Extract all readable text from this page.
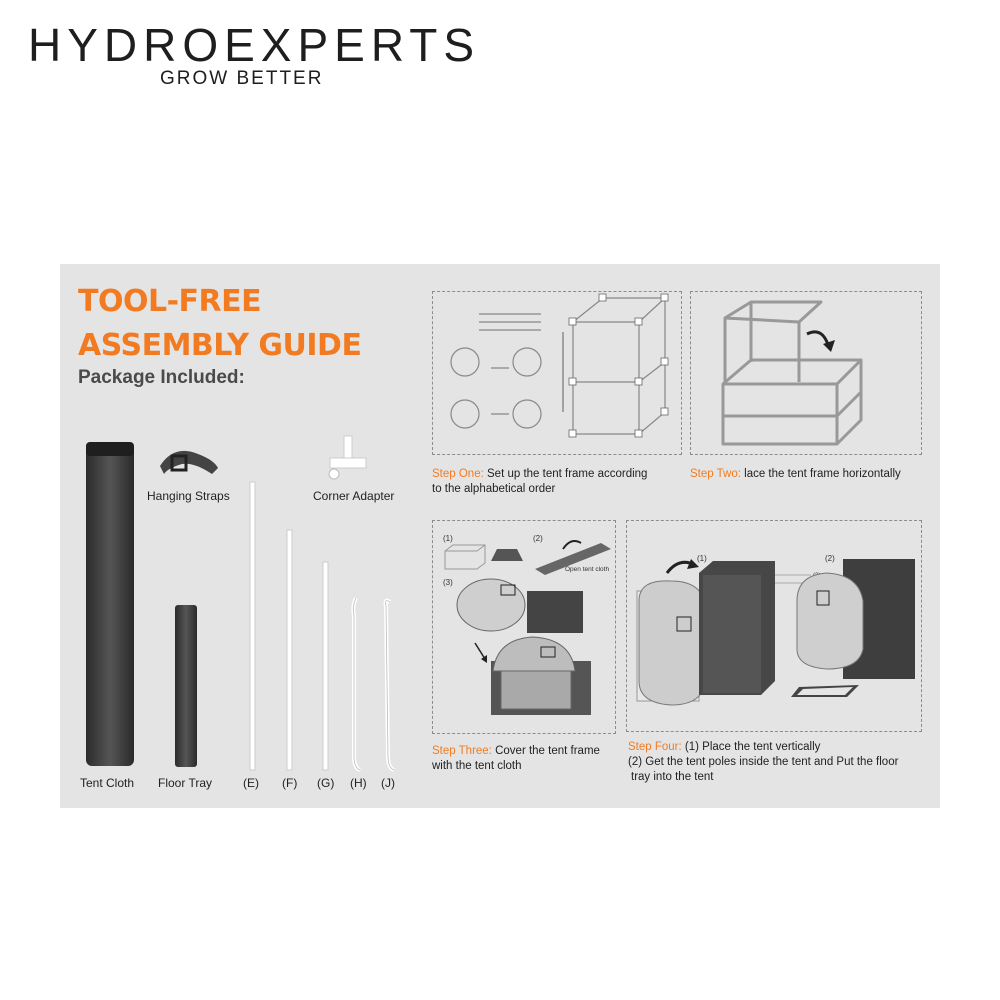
HYDROEXPERTS
GROW BETTER
TOOL-FREE
ASSEMBLY GUIDE
Package Included:
Tent Cloth Floor Tray
Hanging Straps	Corner Adapter
(E) (F) (G) (H) (J)
Step One: Set up the tent frame according
to the alphabetical order
Step Two: lace the tent frame horizontally
(1)	(2)
(3)
Open tent cloth
Step Three: Cover the tent frame
with the tent cloth
(1)	(2)
Step Four: (1) Place the tent vertically
(2) Get the tent poles inside the tent and Put the floor
tray into the tent
